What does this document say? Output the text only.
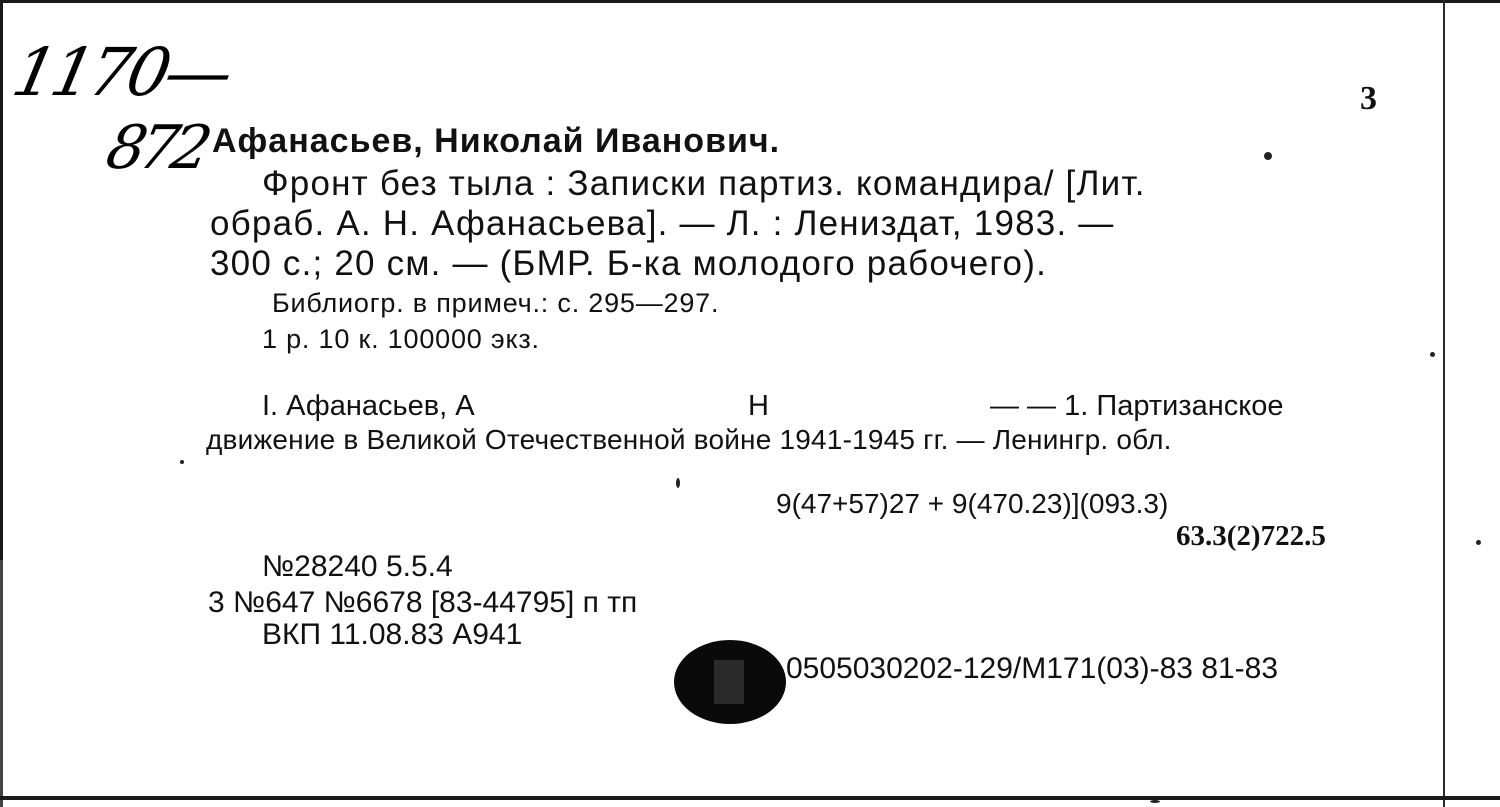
1170—
872
3
Афанасьев, Николай Иванович.
Фронт без тыла : Записки партиз. командира/ [Лит.
обраб. А. Н. Афанасьева]. — Л. : Лениздат, 1983. —
300 с.; 20 см. — (БМР. Б-ка молодого рабочего).
Библиогр. в примеч.: с. 295—297.
1 р. 10 к. 100000 экз.
I. Афанасьев, А	Н	— — 1. Партизанское
движение в Великой Отечественной войне 1941-1945 гг. — Ленингр. обл.
9(47+57)27 + 9(470.23)](093.3)
63.3(2)722.5
№28240 5.5.4
3 №647 №6678 [83-44795] п тп
ВКП 11.08.83 А941
0505030202-129/М171(03)-83 81-83
